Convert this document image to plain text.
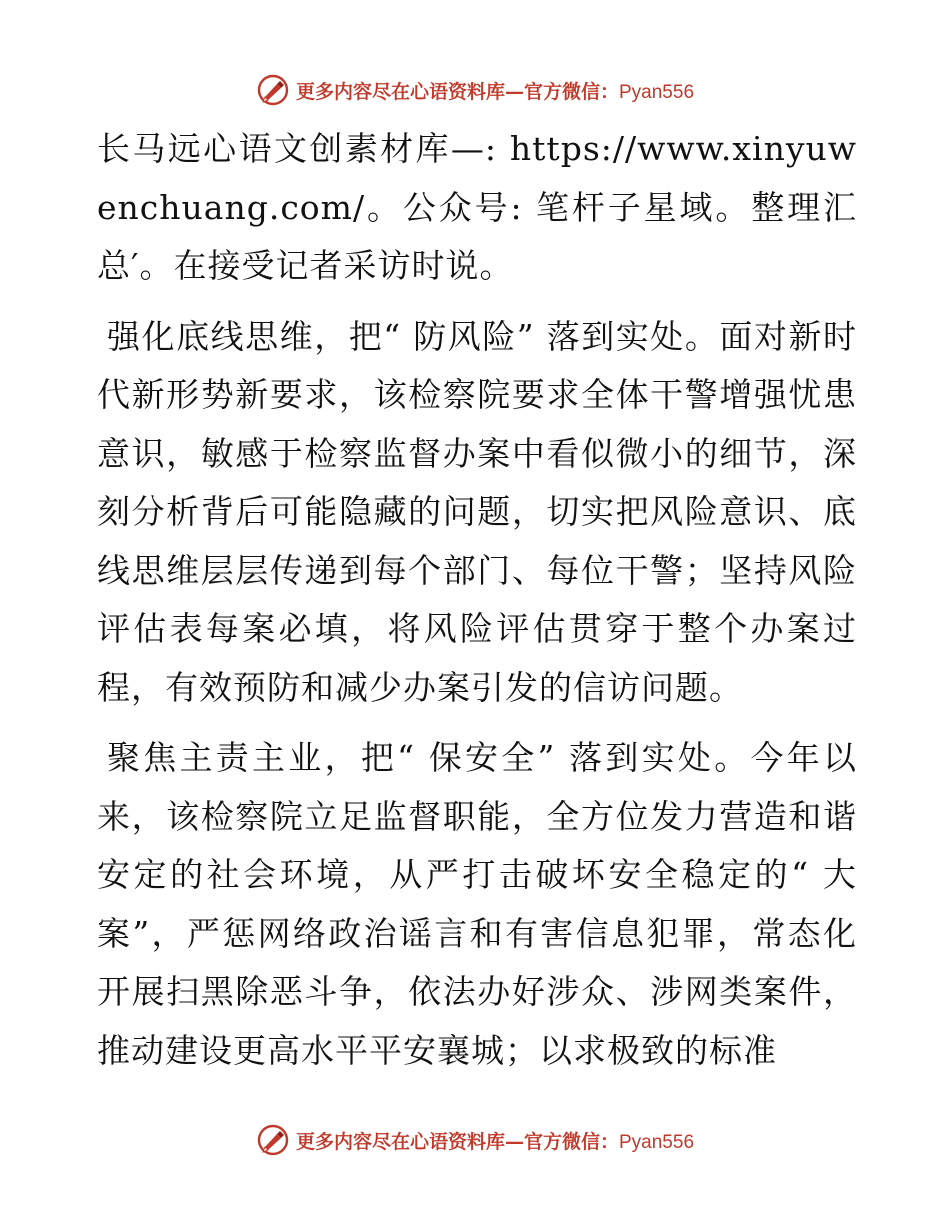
更多内容尽在心语资料库—官方微信：Pyan556

长马远心语文创素材库—: https://www.xinyuwenchuang.com/。公众号: 笔杆子星域。整理汇总′。在接受记者采访时说。

强化底线思维，把“ 防风险” 落到实处。面对新时代新形势新要求，该检察院要求全体干警增强忧患意识，敏感于检察监督办案中看似微小的细节，深刻分析背后可能隐藏的问题，切实把风险意识、底线思维层层传递到每个部门、每位干警；坚持风险评估表每案必填，将风险评估贯穿于整个办案过程，有效预防和减少办案引发的信访问题。

聚焦主责主业，把“ 保安全” 落到实处。今年以来，该检察院立足监督职能，全方位发力营造和谐安定的社会环境，从严打击破坏安全稳定的“ 大案”，严惩网络政治谣言和有害信息犯罪，常态化开展扫黑除恶斗争，依法办好涉众、涉网类案件，推动建设更高水平平安襄城；以求极致的标准

更多内容尽在心语资料库—官方微信：Pyan556
